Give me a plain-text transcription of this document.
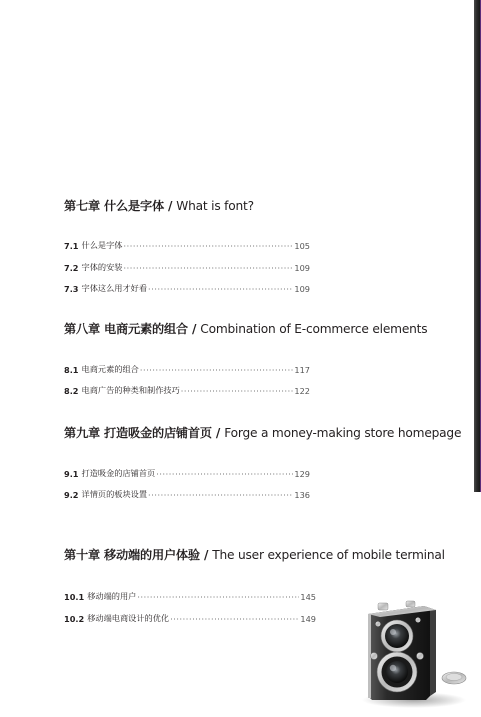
第七章 什么是字体 / What is font?
7.1 什么是字体 ·····	105
7.2 字体的安装 ·····	109
7.3 字体这么用才好看 ·····	109
第八章 电商元素的组合 / Combination of E-commerce elements
8.1 电商元素的组合 ·····	117
8.2 电商广告的种类和制作技巧 ·····	122
第九章 打造吸金的店铺首页 / Forge a money-making store homepage
9.1 打造吸金的店铺首页 ·····	129
9.2 详情页的板块设置 ·····	136
第十章 移动端的用户体验 / The user experience of mobile terminal
10.1 移动端的用户 ·····	145
10.2 移动端电商设计的优化 ·····	149
